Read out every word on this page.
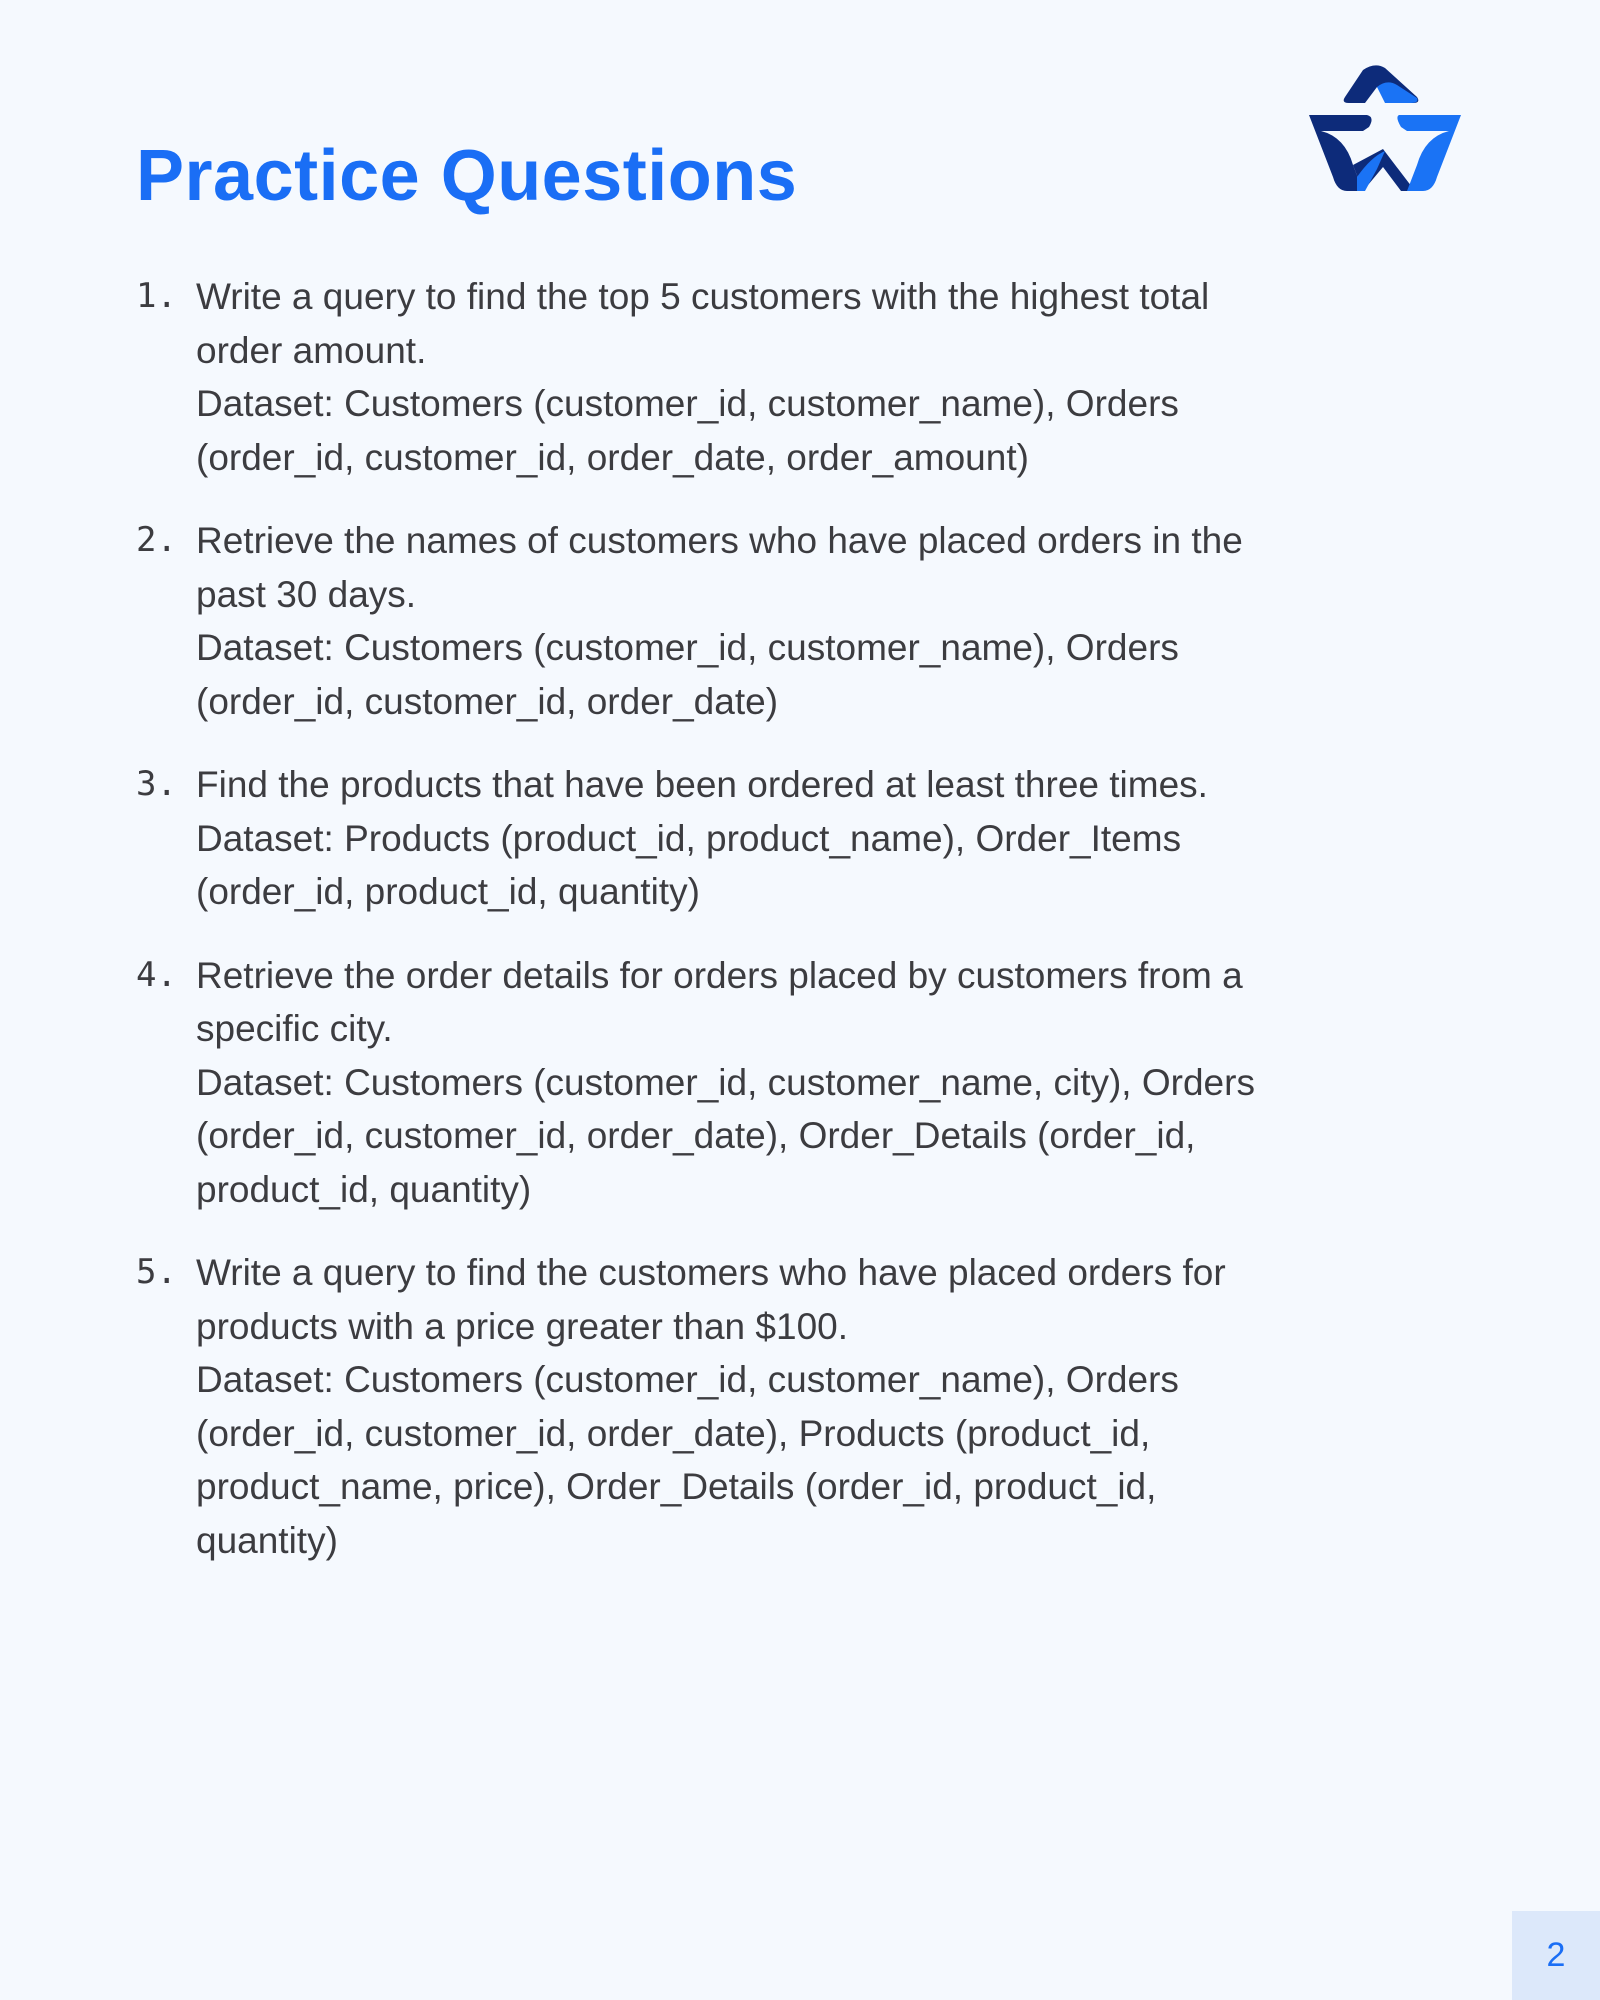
Practice Questions
1. Write a query to find the top 5 customers with the highest total
order amount.
Dataset: Customers (customer_id, customer_name), Orders
(order_id, customer_id, order_date, order_amount)
2. Retrieve the names of customers who have placed orders in the
past 30 days.
Dataset: Customers (customer_id, customer_name), Orders
(order_id, customer_id, order_date)
3. Find the products that have been ordered at least three times.
Dataset: Products (product_id, product_name), Order_Items
(order_id, product_id, quantity)
4. Retrieve the order details for orders placed by customers from a
specific city.
Dataset: Customers (customer_id, customer_name, city), Orders
(order_id, customer_id, order_date), Order_Details (order_id,
product_id, quantity)
5. Write a query to find the customers who have placed orders for
products with a price greater than $100.
Dataset: Customers (customer_id, customer_name), Orders
(order_id, customer_id, order_date), Products (product_id,
product_name, price), Order_Details (order_id, product_id,
quantity)
2
